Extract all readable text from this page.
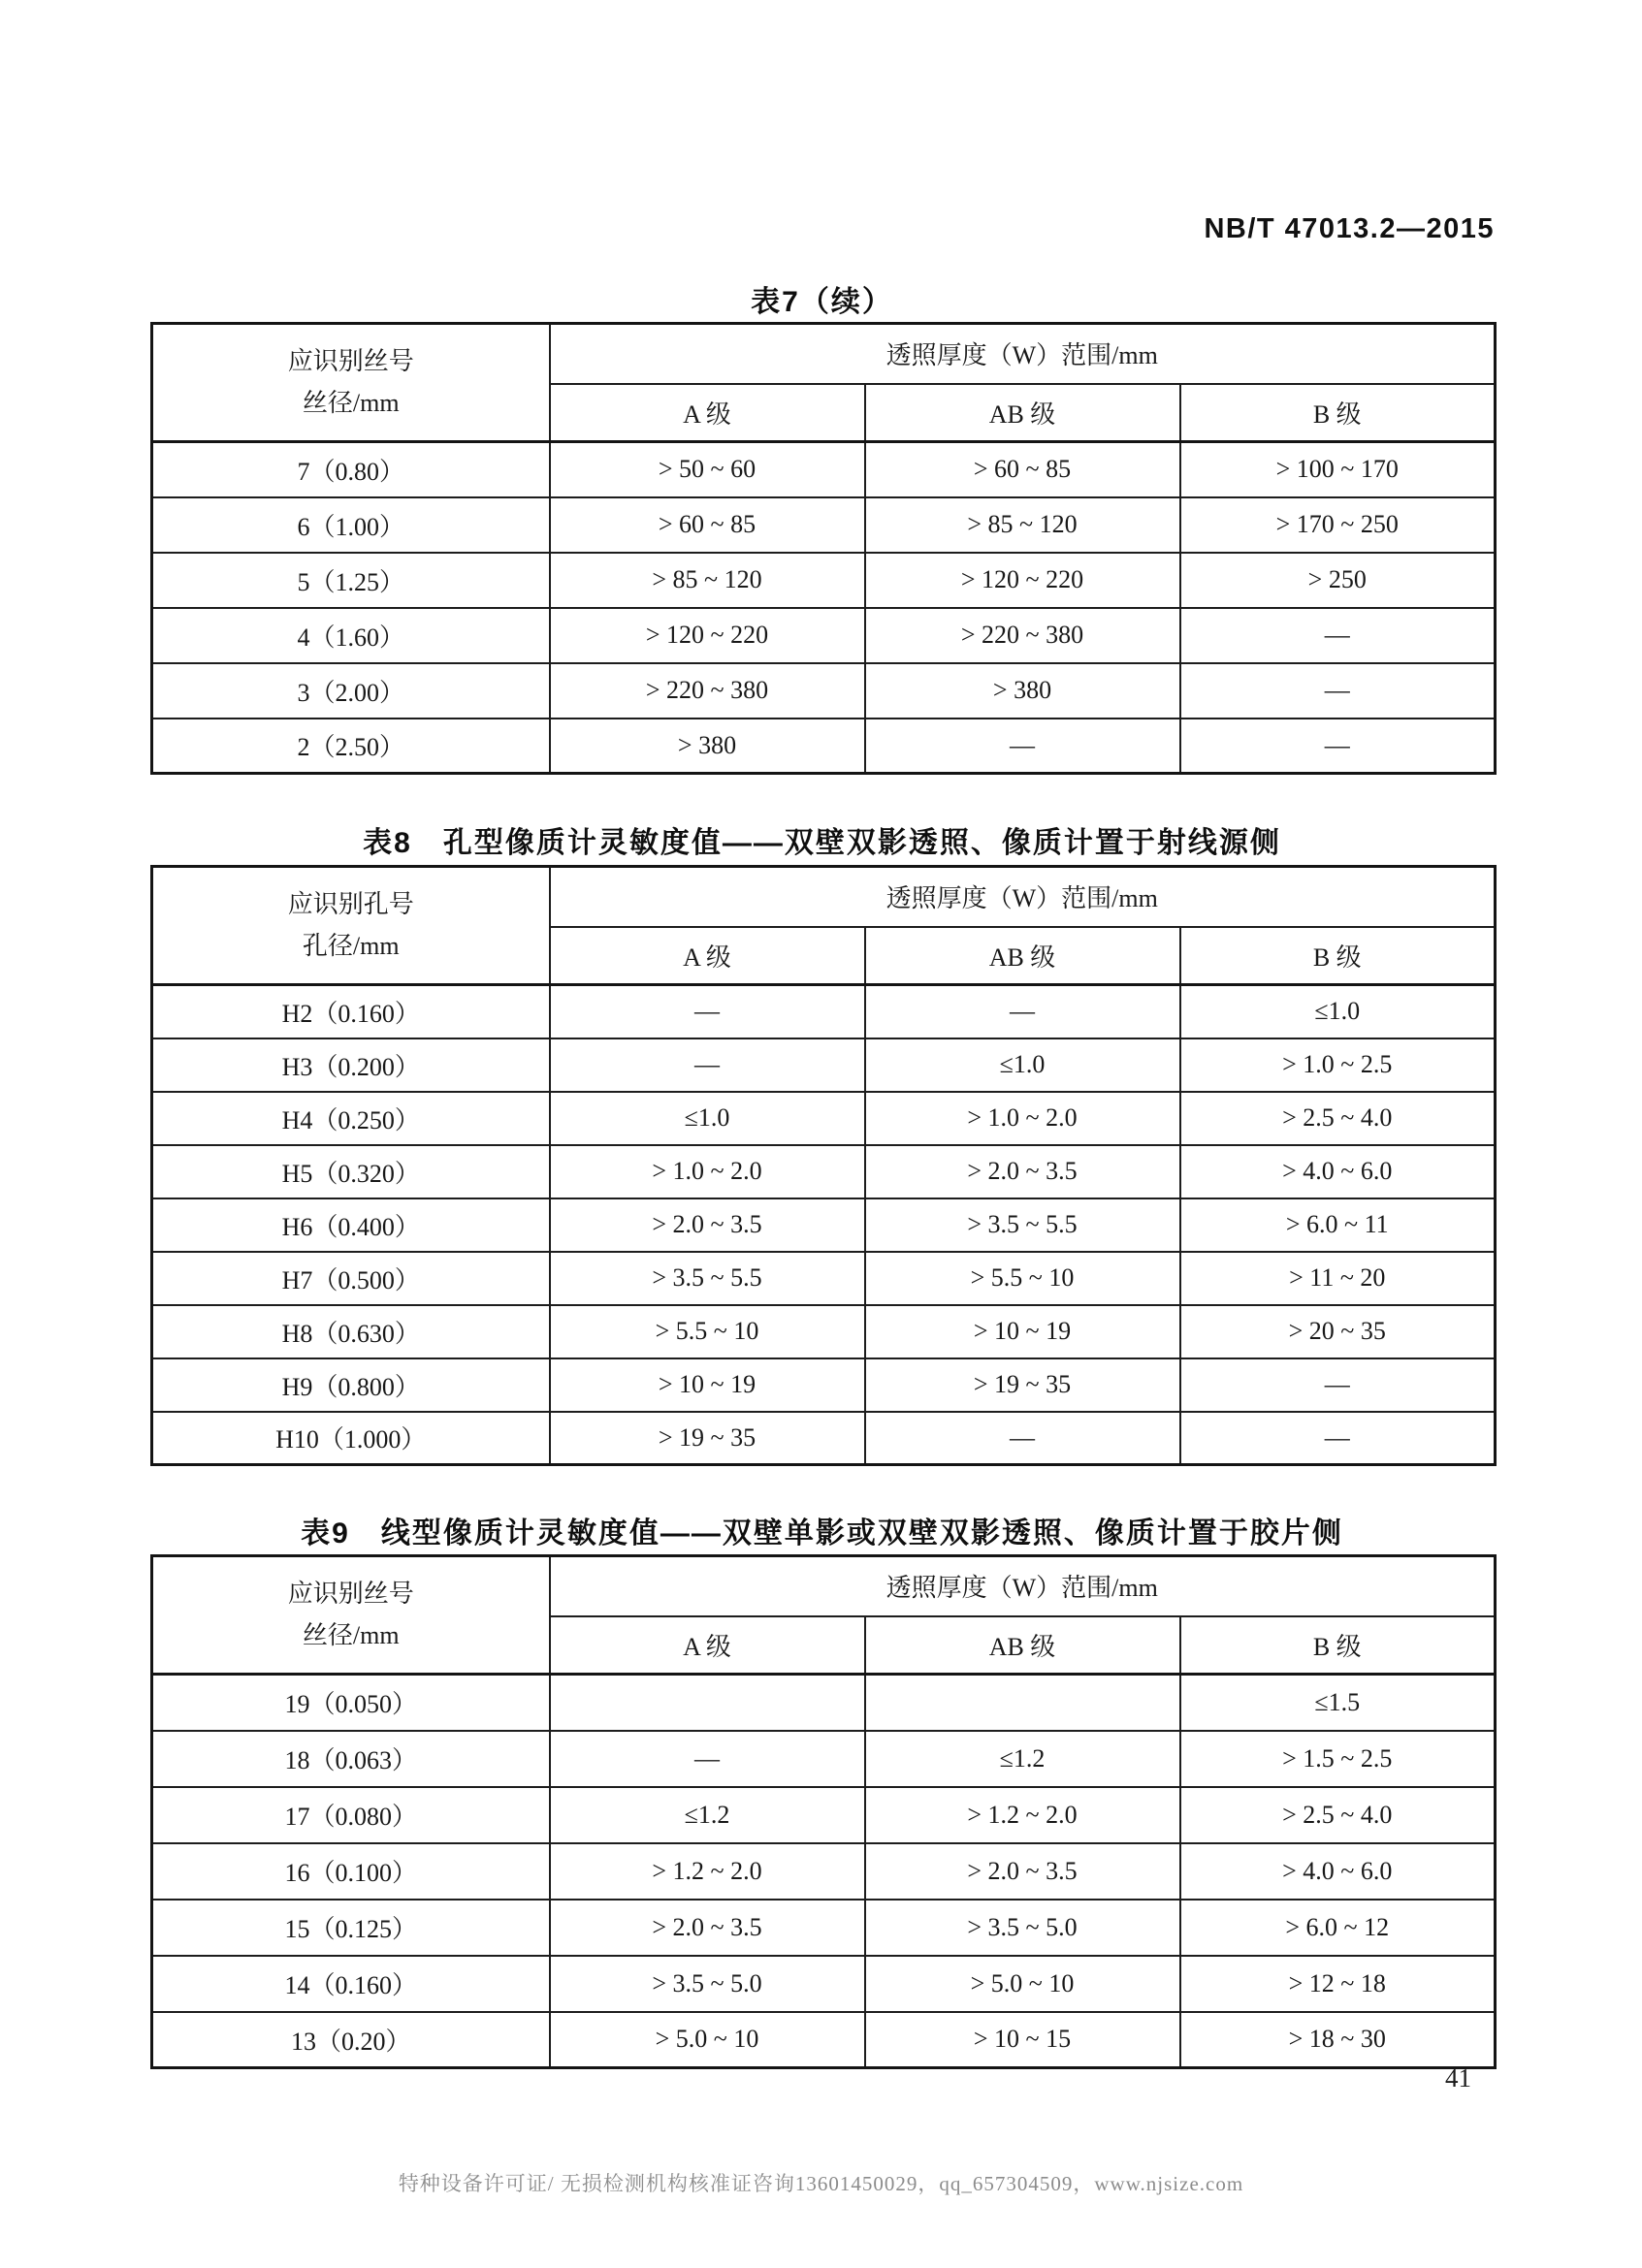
NB/T 47013.2—2015
表7（续）
应识别丝号
丝径/mm	透照厚度（W）范围/mm		
	A 级	AB 级	B 级
7（0.80）	> 50 ~ 60	> 60 ~ 85	> 100 ~ 170
6（1.00）	> 60 ~ 85	> 85 ~ 120	> 170 ~ 250
5（1.25）	> 85 ~ 120	> 120 ~ 220	> 250
4（1.60）	> 120 ~ 220	> 220 ~ 380	—
3（2.00）	> 220 ~ 380	> 380	—
2（2.50）	> 380	—	—
表8　孔型像质计灵敏度值——双壁双影透照、像质计置于射线源侧
应识别孔号
孔径/mm	透照厚度（W）范围/mm		
	A 级	AB 级	B 级
H2（0.160）	—	—	≤1.0
H3（0.200）	—	≤1.0	> 1.0 ~ 2.5
H4（0.250）	≤1.0	> 1.0 ~ 2.0	> 2.5 ~ 4.0
H5（0.320）	> 1.0 ~ 2.0	> 2.0 ~ 3.5	> 4.0 ~ 6.0
H6（0.400）	> 2.0 ~ 3.5	> 3.5 ~ 5.5	> 6.0 ~ 11
H7（0.500）	> 3.5 ~ 5.5	> 5.5 ~ 10	> 11 ~ 20
H8（0.630）	> 5.5 ~ 10	> 10 ~ 19	> 20 ~ 35
H9（0.800）	> 10 ~ 19	> 19 ~ 35	—
H10（1.000）	> 19 ~ 35	—	—
表9　线型像质计灵敏度值——双壁单影或双壁双影透照、像质计置于胶片侧
应识别丝号
丝径/mm	透照厚度（W）范围/mm		
	A 级	AB 级	B 级
19（0.050）			≤1.5
18（0.063）	—	≤1.2	> 1.5 ~ 2.5
17（0.080）	≤1.2	> 1.2 ~ 2.0	> 2.5 ~ 4.0
16（0.100）	> 1.2 ~ 2.0	> 2.0 ~ 3.5	> 4.0 ~ 6.0
15（0.125）	> 2.0 ~ 3.5	> 3.5 ~ 5.0	> 6.0 ~ 12
14（0.160）	> 3.5 ~ 5.0	> 5.0 ~ 10	> 12 ~ 18
13（0.20）	> 5.0 ~ 10	> 10 ~ 15	> 18 ~ 30
41
特种设备许可证/ 无损检测机构核准证咨询13601450029，qq_657304509，www.njsize.com
